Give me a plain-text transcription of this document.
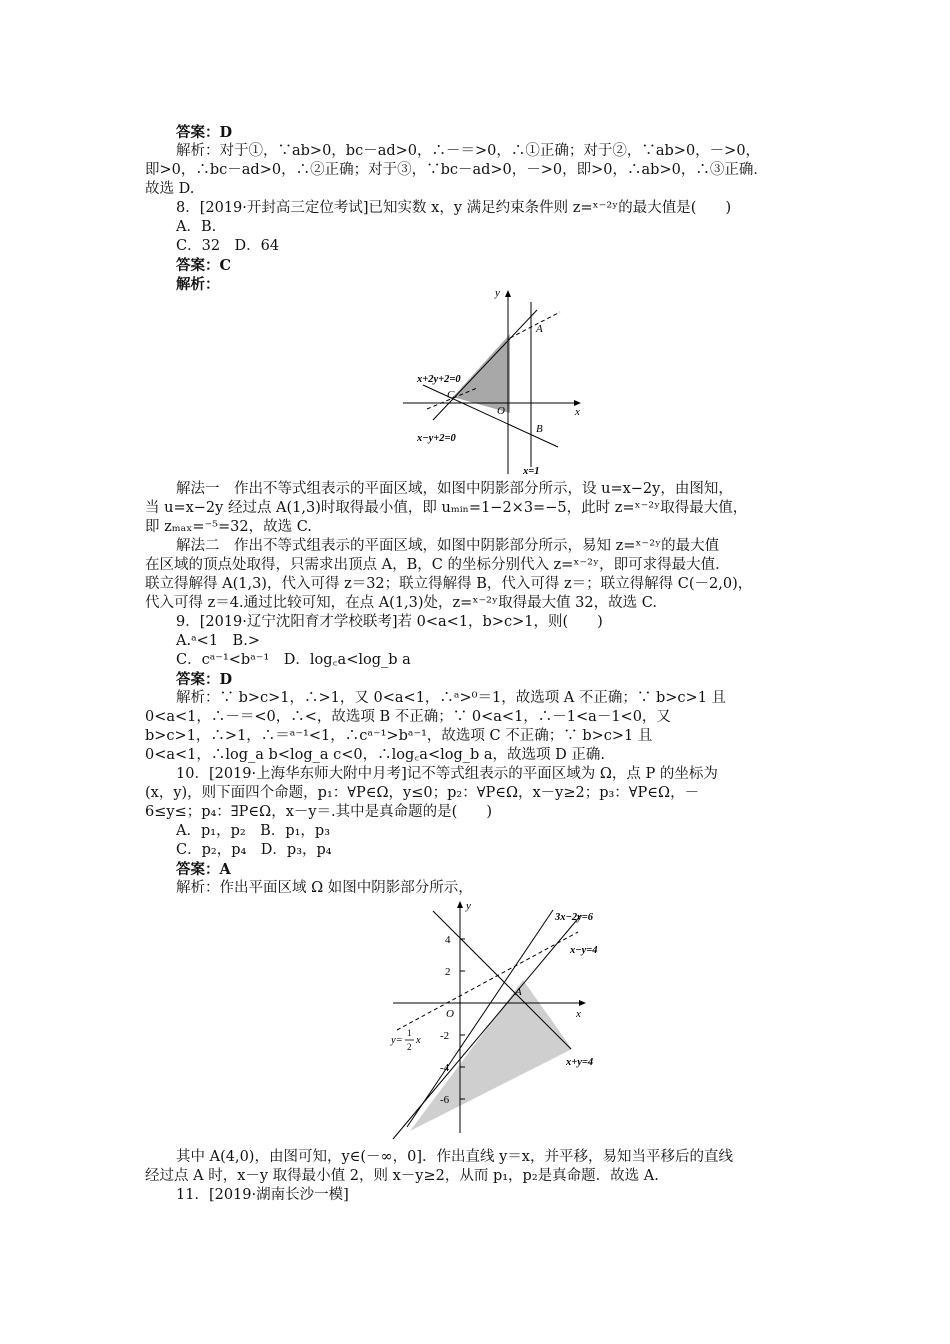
答案：D
解析：对于①，∵ab>0，bc－ad>0，∴－＝>0，∴①正确；对于②，∵ab>0，－>0，
即>0，∴bc－ad>0，∴②正确；对于③，∵bc－ad>0，－>0，即>0，∴ab>0，∴③正确．
故选 D.
8．[2019·开封高三定位考试]已知实数 x，y 满足约束条件则 z=ˣ⁻²ʸ的最大值是(　　)
A．B.
C．32　D．64
答案：C
解析：	y
x
O
A
B
C
x+2y+2=0
x−y+2=0
x=1
解法一　作出不等式组表示的平面区域，如图中阴影部分所示，设 u=x−2y，由图知，
当 u=x−2y 经过点 A(1,3)时取得最小值，即 uₘᵢₙ=1−2×3=−5，此时 z=ˣ⁻²ʸ取得最大值，
即 zₘₐₓ=⁻⁵=32，故选 C.
解法二　作出不等式组表示的平面区域，如图中阴影部分所示，易知 z=ˣ⁻²ʸ的最大值
在区域的顶点处取得，只需求出顶点 A，B，C 的坐标分别代入 z=ˣ⁻²ʸ，即可求得最大值．
联立得解得 A(1,3)，代入可得 z＝32；联立得解得 B，代入可得 z＝；联立得解得 C(－2,0)，
代入可得 z＝4.通过比较可知，在点 A(1,3)处，z=ˣ⁻²ʸ取得最大值 32，故选 C.
9．[2019·辽宁沈阳育才学校联考]若 0<a<1，b>c>1，则(　　)
A.ᵃ<1　B.>
C．cᵃ⁻¹<bᵃ⁻¹　D．log꜀a<log_b a
答案：D
解析：∵ b>c>1，∴>1，又 0<a<1，∴ᵃ>⁰＝1，故选项 A 不正确；∵ b>c>1 且
0<a<1，∴－＝<0，∴<，故选项 B 不正确；∵ 0<a<1，∴－1<a－1<0，又
b>c>1，∴>1，∴＝ᵃ⁻¹<1，∴cᵃ⁻¹>bᵃ⁻¹，故选项 C 不正确；∵ b>c>1 且
0<a<1，∴log_a b<log_a c<0，∴log꜀a<log_b a，故选项 D 正确.
10．[2019·上海华东师大附中月考]记不等式组表示的平面区域为 Ω，点 P 的坐标为
(x，y)，则下面四个命题，p₁：∀P∈Ω，y≤0；p₂：∀P∈Ω，x－y≥2；p₃：∀P∈Ω，－
6≤y≤；p₄：∃P∈Ω，x－y＝.其中是真命题的是(　　)
A．p₁，p₂　B．p₁，p₃
C．p₂，p₄　D．p₃，p₄
答案：A
解析：作出平面区域 Ω 如图中阴影部分所示，
y
x
O
A
4
2
-2
-4
-6
3x−2y=6
x−y=4
x+y=4
y=
1
2
x
其中 A(4,0)，由图可知，y∈(－∞，0]．作出直线 y＝x，并平移，易知当平移后的直线
经过点 A 时，x－y 取得最小值 2，则 x－y≥2，从而 p₁，p₂是真命题．故选 A.
11．[2019·湖南长沙一模]
